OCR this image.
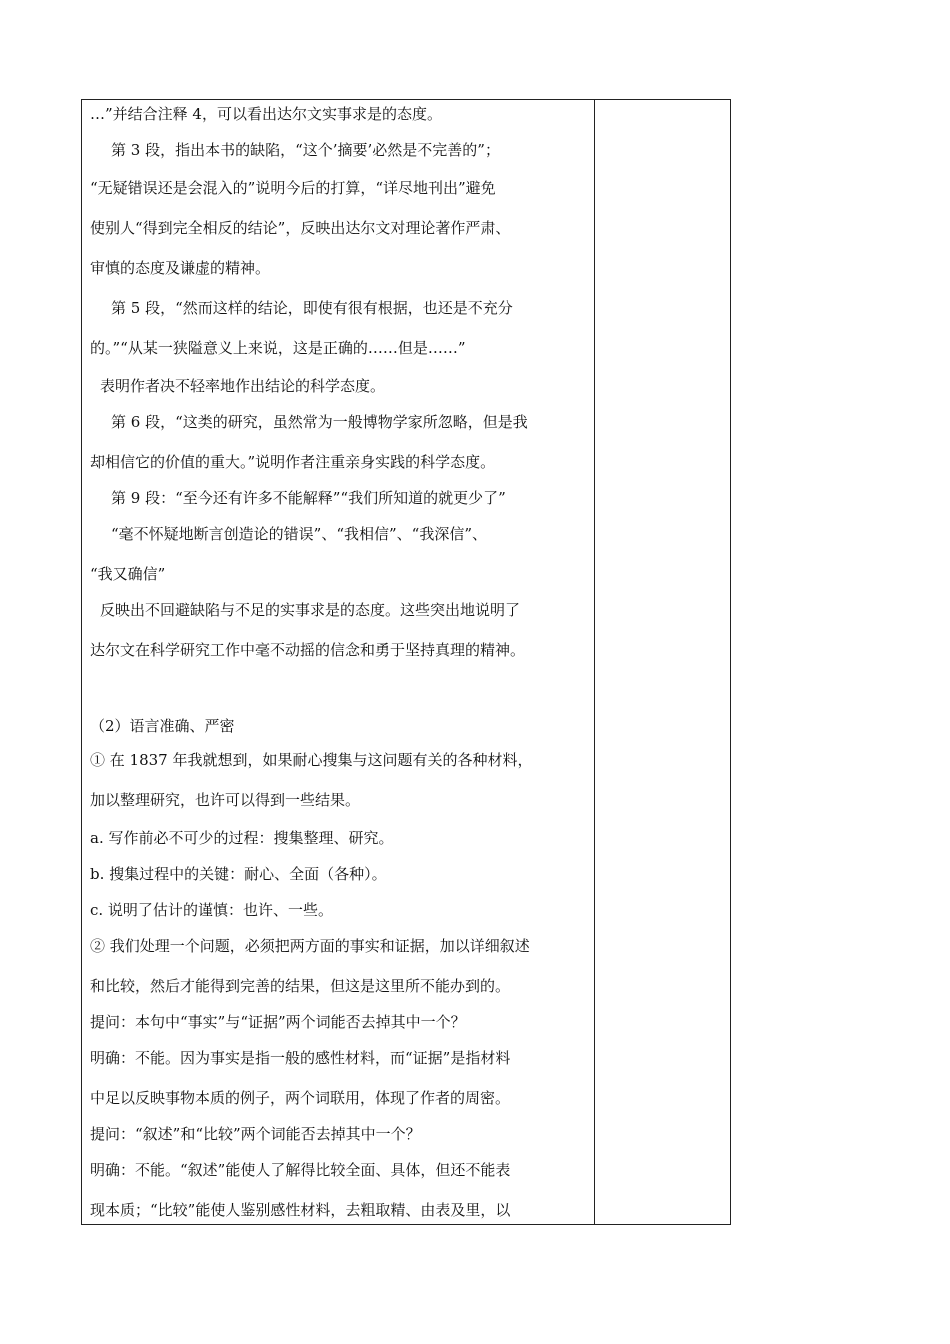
…”并结合注释 4，可以看出达尔文实事求是的态度。
第 3 段，指出本书的缺陷，“这个’摘要’必然是不完善的”；
“无疑错误还是会混入的”说明今后的打算，“详尽地刊出”避免
使别人“得到完全相反的结论”，反映出达尔文对理论著作严肃、
审慎的态度及谦虚的精神。
第 5 段，“然而这样的结论，即使有很有根据，也还是不充分
的。”“从某一狭隘意义上来说，这是正确的……但是……”
表明作者决不轻率地作出结论的科学态度。
第 6 段，“这类的研究，虽然常为一般博物学家所忽略，但是我
却相信它的价值的重大。”说明作者注重亲身实践的科学态度。
第 9 段：“至今还有许多不能解释”“我们所知道的就更少了”
“毫不怀疑地断言创造论的错误”、“我相信”、“我深信”、
“我又确信”
反映出不回避缺陷与不足的实事求是的态度。这些突出地说明了
达尔文在科学研究工作中毫不动摇的信念和勇于坚持真理的精神。
（2）语言准确、严密
① 在 1837 年我就想到，如果耐心搜集与这问题有关的各种材料，
加以整理研究，也许可以得到一些结果。
a. 写作前必不可少的过程：搜集整理、研究。
b. 搜集过程中的关键：耐心、全面（各种）。
c. 说明了估计的谨慎：也许、一些。
② 我们处理一个问题，必须把两方面的事实和证据，加以详细叙述
和比较，然后才能得到完善的结果，但这是这里所不能办到的。
提问：本句中“事实”与“证据”两个词能否去掉其中一个？
明确：不能。因为事实是指一般的感性材料，而“证据”是指材料
中足以反映事物本质的例子，两个词联用，体现了作者的周密。
提问：“叙述”和“比较”两个词能否去掉其中一个？
明确：不能。“叙述”能使人了解得比较全面、具体，但还不能表
现本质；“比较”能使人鉴别感性材料，去粗取精、由表及里，以
